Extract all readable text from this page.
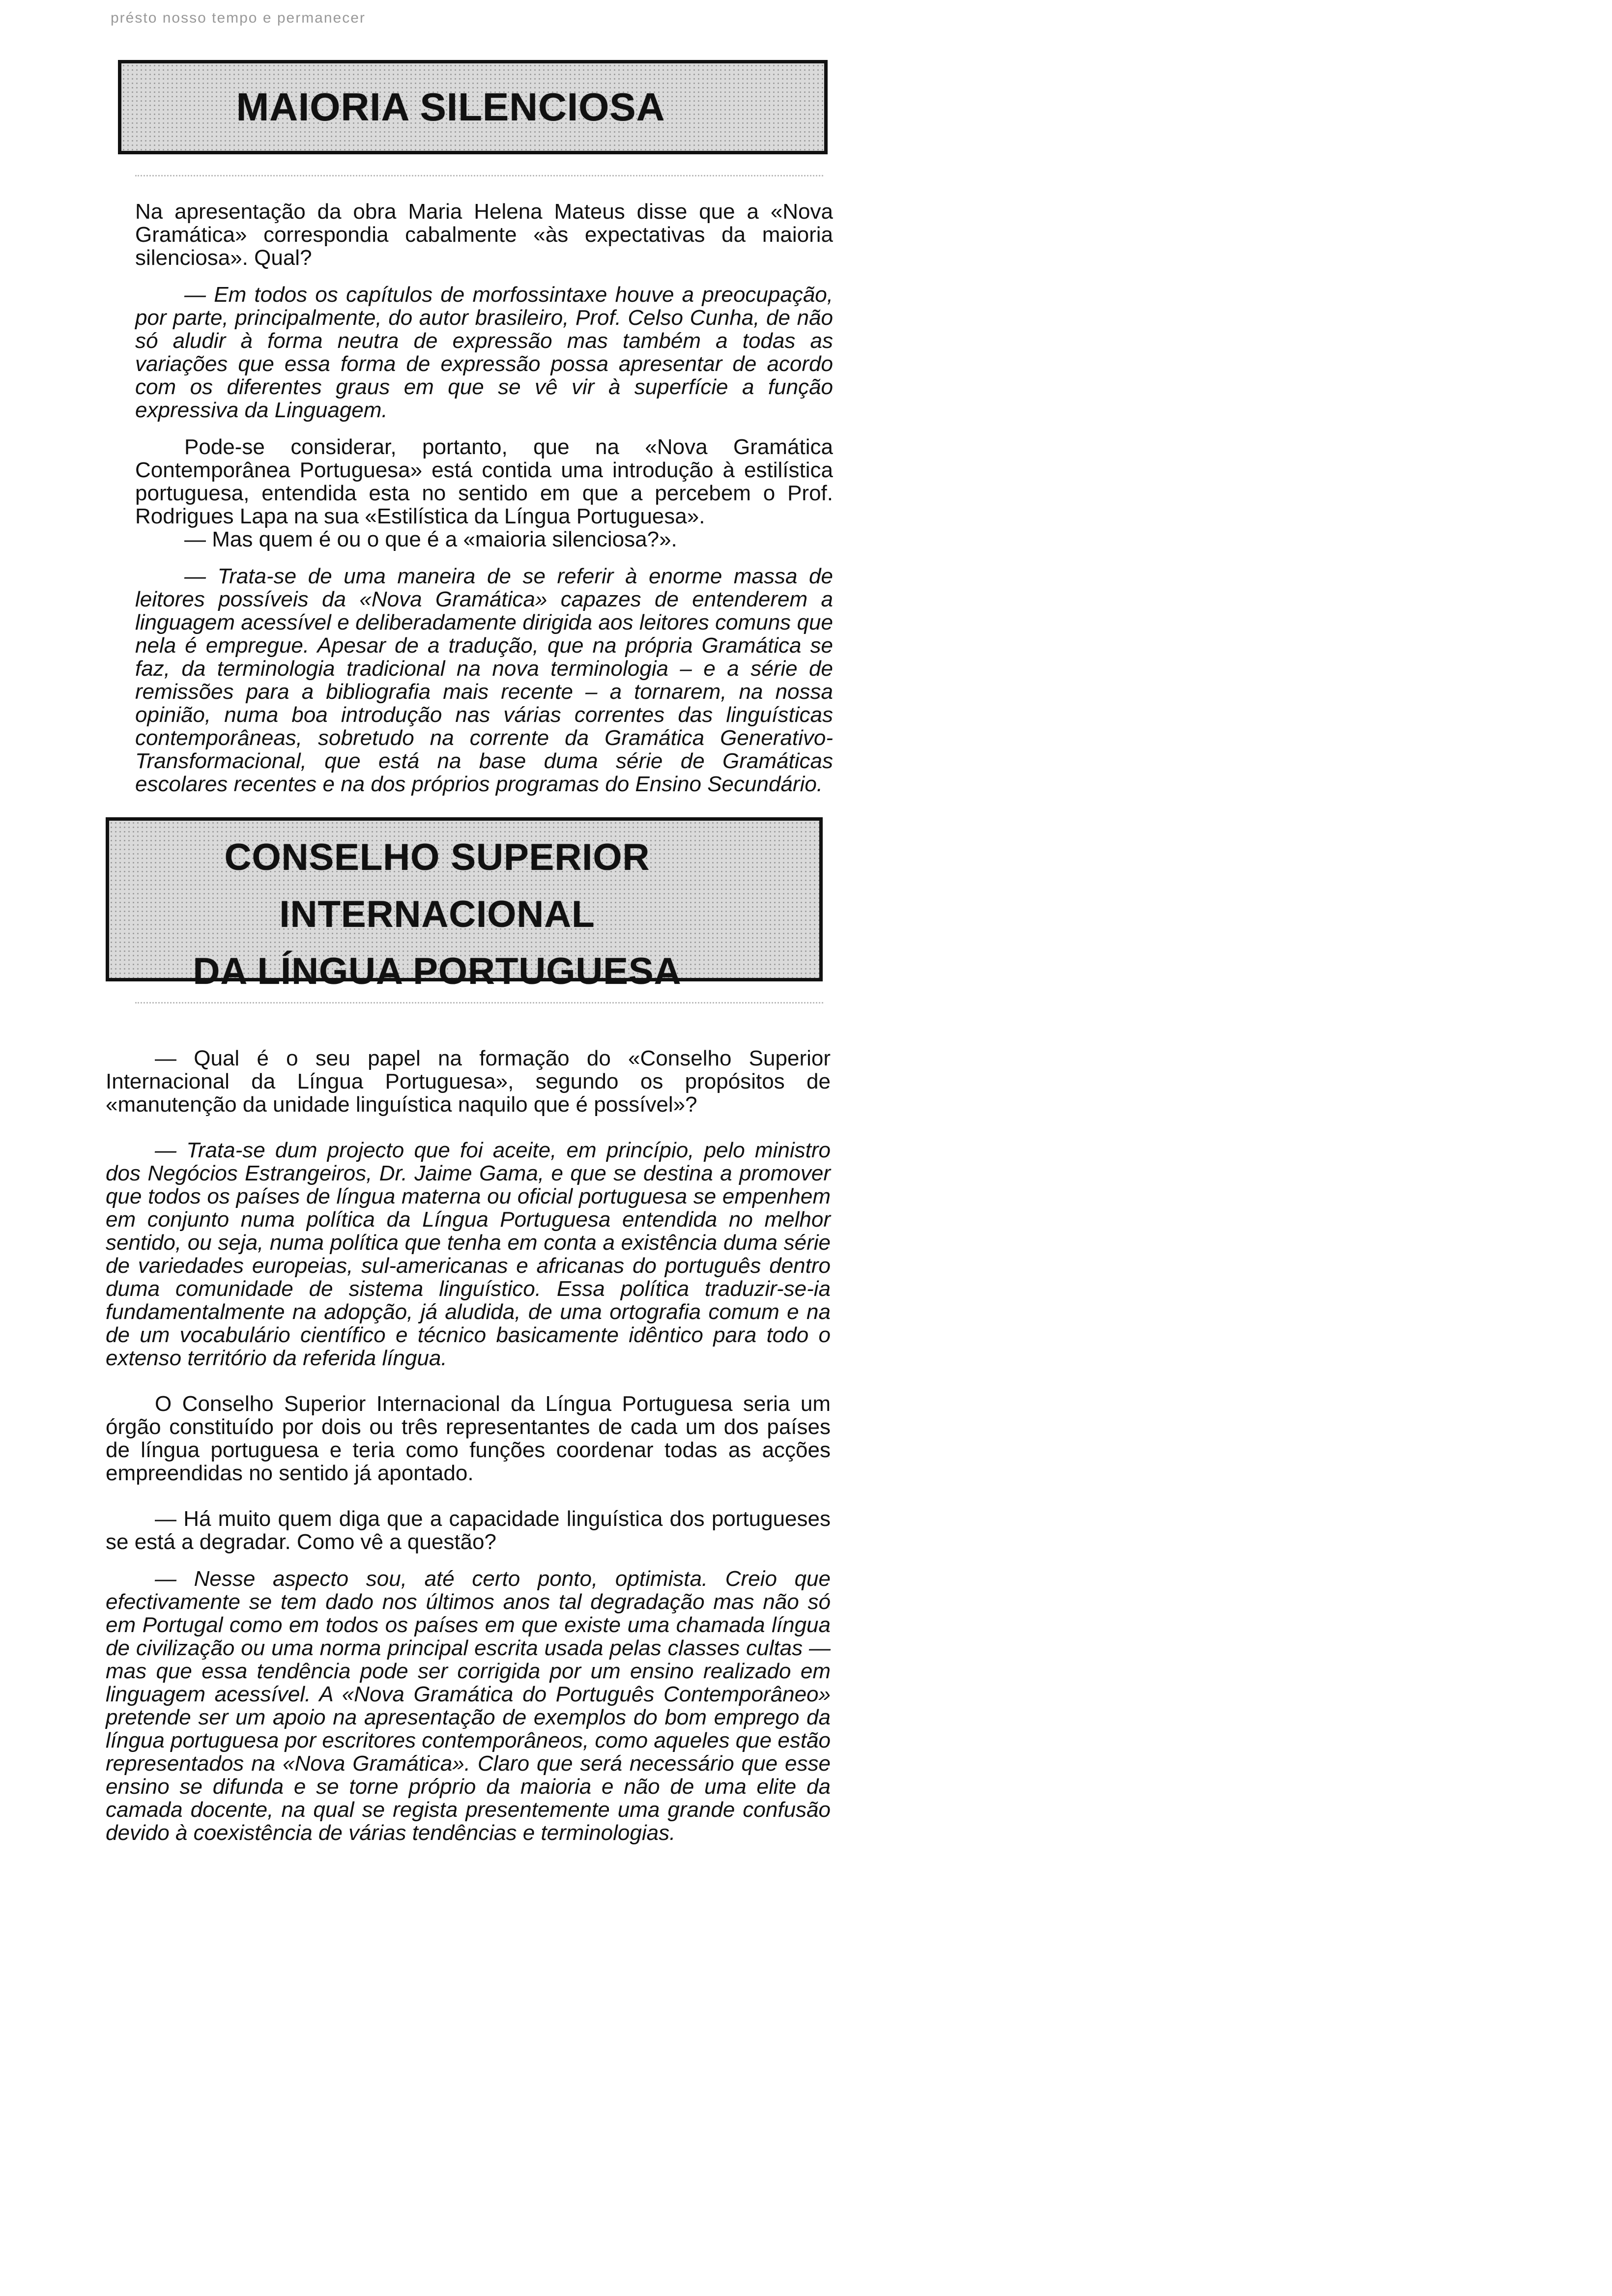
présto nosso tempo e permanecer
MAIORIA SILENCIOSA

Na apresentação da obra Maria Helena Mateus disse que a «Nova Gramática» correspondia cabalmente «às expectativas da maioria silenciosa». Qual?

— Em todos os capítulos de morfossintaxe houve a preocupação, por parte, principalmente, do autor brasileiro, Prof. Celso Cunha, de não só aludir à forma neutra de expressão mas também a todas as variações que essa forma de expressão possa apresentar de acordo com os diferentes graus em que se vê vir à superfície a função expressiva da Linguagem.

Pode-se considerar, portanto, que na «Nova Gramática Contemporânea Portuguesa» está contida uma introdução à estilística portuguesa, entendida esta no sentido em que a percebem o Prof. Rodrigues Lapa na sua «Estilística da Língua Portuguesa».

— Mas quem é ou o que é a «maioria silenciosa?».

— Trata-se de uma maneira de se referir à enorme massa de leitores possíveis da «Nova Gramática» capazes de entenderem a linguagem acessível e deliberadamente dirigida aos leitores comuns que nela é empregue. Apesar de a tradução, que na própria Gramática se faz, da terminologia tradicional na nova terminologia – e a série de remissões para a bibliografia mais recente – a tornarem, na nossa opinião, numa boa introdução nas várias correntes das linguísticas contemporâneas, sobretudo na corrente da Gramática Generativo-Transformacional, que está na base duma série de Gramáticas escolares recentes e na dos próprios programas do Ensino Secundário.

CONSELHO SUPERIOR
INTERNACIONAL
DA LÍNGUA PORTUGUESA

— Qual é o seu papel na formação do «Conselho Superior Internacional da Língua Portuguesa», segundo os propósitos de «manutenção da unidade linguística naquilo que é possível»?

— Trata-se dum projecto que foi aceite, em princípio, pelo ministro dos Negócios Estrangeiros, Dr. Jaime Gama, e que se destina a promover que todos os países de língua materna ou oficial portuguesa se empenhem em conjunto numa política da Língua Portuguesa entendida no melhor sentido, ou seja, numa política que tenha em conta a existência duma série de variedades europeias, sul-americanas e africanas do português dentro duma comunidade de sistema linguístico. Essa política traduzir-se-ia fundamentalmente na adopção, já aludida, de uma ortografia comum e na de um vocabulário científico e técnico basicamente idêntico para todo o extenso território da referida língua.

O Conselho Superior Internacional da Língua Portuguesa seria um órgão constituído por dois ou três representantes de cada um dos países de língua portuguesa e teria como funções coordenar todas as acções empreendidas no sentido já apontado.

— Há muito quem diga que a capacidade linguística dos portugueses se está a degradar. Como vê a questão?

— Nesse aspecto sou, até certo ponto, optimista. Creio que efectivamente se tem dado nos últimos anos tal degradação mas não só em Portugal como em todos os países em que existe uma chamada língua de civilização ou uma norma principal escrita usada pelas classes cultas — mas que essa tendência pode ser corrigida por um ensino realizado em linguagem acessível. A «Nova Gramática do Português Contemporâneo» pretende ser um apoio na apresentação de exemplos do bom emprego da língua portuguesa por escritores contemporâneos, como aqueles que estão representados na «Nova Gramática». Claro que será necessário que esse ensino se difunda e se torne próprio da maioria e não de uma elite da camada docente, na qual se regista presentemente uma grande confusão devido à coexistência de várias tendências e terminologias.
